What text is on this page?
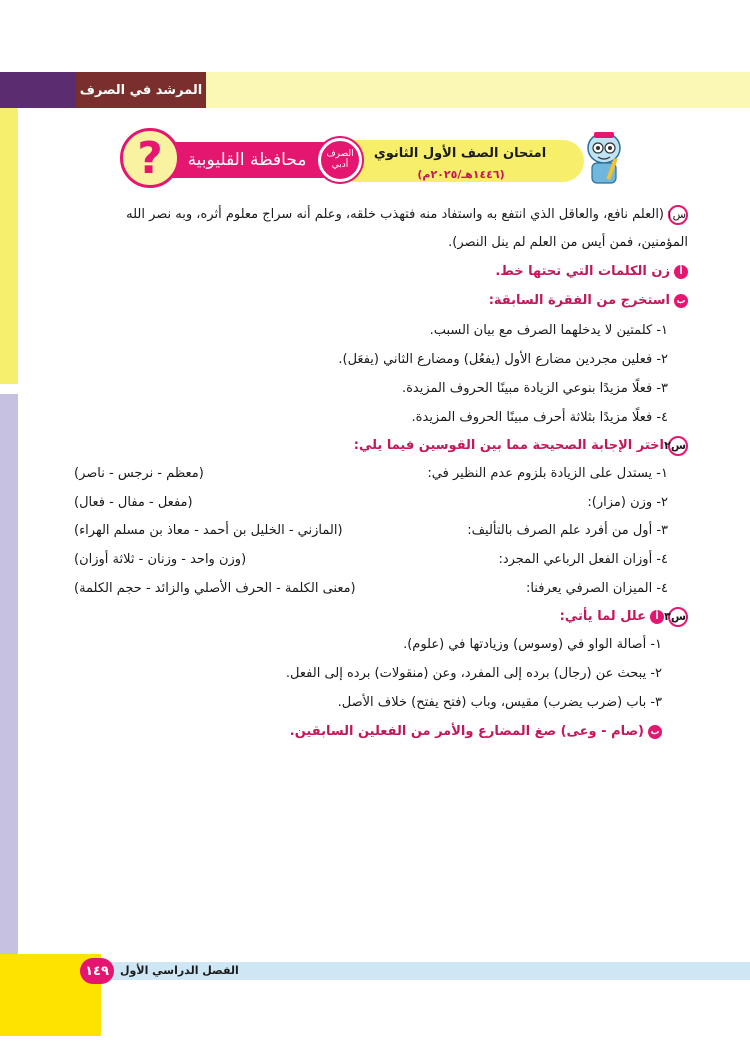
المرشد في الصرف
امتحان الصف الأول الثانوي
(١٤٤٦هـ/٢٠٢٥م)
محافظة القليوبية
?	الصرف
أدبي
س١(العلم نافع، والعاقل الذي انتفع به واستفاد منه فتهذب خلقه، وعلم أنه سراج معلوم أثره، وبه نصر الله
المؤمنين، فمن أيس من العلم لم ينل النصر).
أزن الكلمات التي تحتها خط.
باستخرج من الفقرة السابقة:
١- كلمتين لا يدخلهما الصرف مع بيان السبب.
٢- فعلين مجردين مضارع الأول (يفعُل) ومضارع الثاني (يفعَل).
٣- فعلًا مزيدًا بنوعي الزيادة مبينًا الحروف المزيدة.
٤- فعلًا مزيدًا بثلاثة أحرف مبينًا الحروف المزيدة.
س٢اختر الإجابة الصحيحة مما بين القوسين فيما يلي:
١- يستدل على الزيادة بلزوم عدم النظير في:
(معظم - نرجس - ناصر)
٢- وزن (مزار):
(مفعل - مفال - فعال)
٣- أول من أفرد علم الصرف بالتأليف:
(المازني - الخليل بن أحمد - معاذ بن مسلم الهراء)
٤- أوزان الفعل الرباعي المجرد:
(وزن واحد - وزنان - ثلاثة أوزان)
٤- الميزان الصرفي يعرفنا:
(معنى الكلمة - الحرف الأصلي والزائد - حجم الكلمة)
س٣أعلل لما يأتي:
١- أصالة الواو في (وسوس) وزيادتها في (علوم).
٢- يبحث عن (رجال) برده إلى المفرد، وعن (منقولات) برده إلى الفعل.
٣- باب (ضرب يضرب) مقيس، وباب (فتح يفتح) خلاف الأصل.
ب(صام - وعى) صغ المضارع والأمر من الفعلين السابقين.
الفصل الدراسي الأول
١٤٩
